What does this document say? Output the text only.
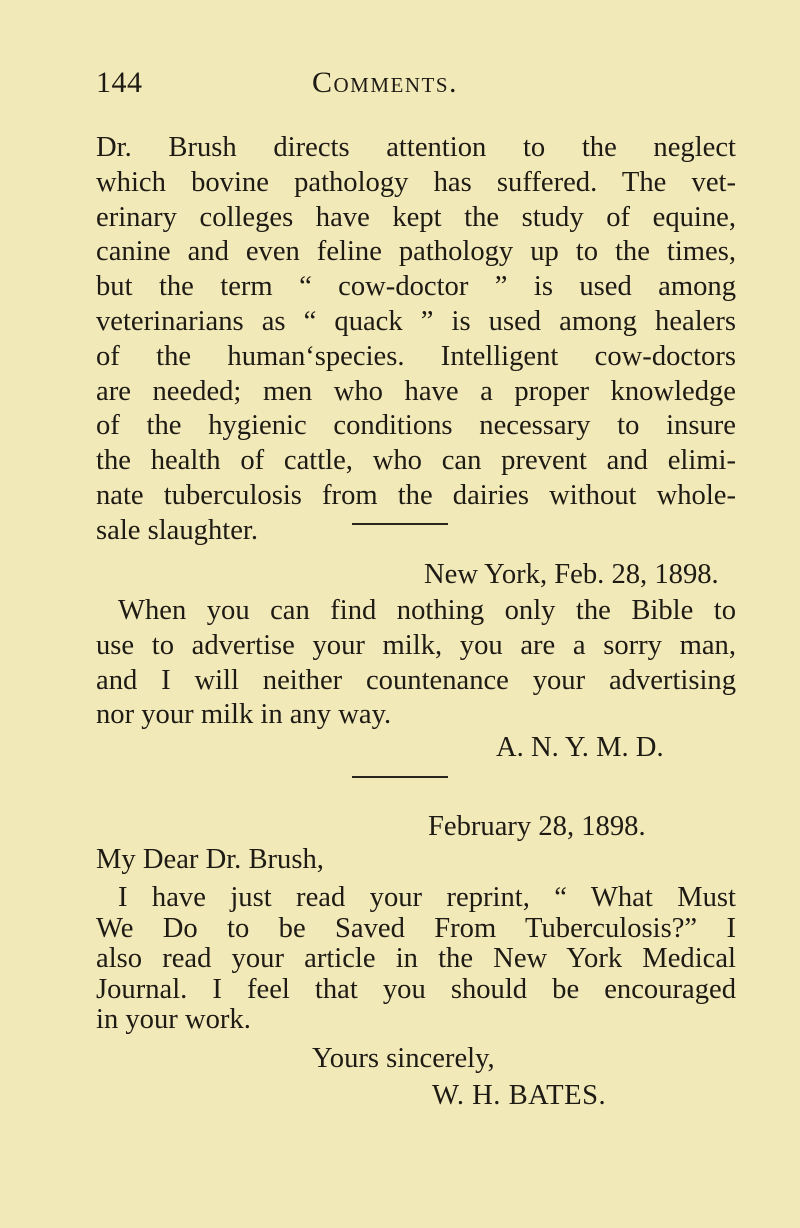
144	Comments.
Dr. Brush directs attention to the neglect
which bovine pathology has suffered. The vet-
erinary colleges have kept the study of equine,
canine and even feline pathology up to the times,
but the term “ cow-doctor ” is used among
veterinarians as “ quack ” is used among healers
of the humanʻspecies. Intelligent cow-doctors
are needed; men who have a proper knowledge
of the hygienic conditions necessary to insure
the health of cattle, who can prevent and elimi-
nate tuberculosis from the dairies without whole-
sale slaughter.
New York, Feb. 28, 1898.
When you can find nothing only the Bible to
use to advertise your milk, you are a sorry man,
and I will neither countenance your advertising
nor your milk in any way.
A. N. Y. M. D.
February 28, 1898.
My Dear Dr. Brush,
I have just read your reprint, “ What Must
We Do to be Saved From Tuberculosis?” I
also read your article in the New York Medical
Journal. I feel that you should be encouraged
in your work.
Yours sincerely,
W. H. BATES.
